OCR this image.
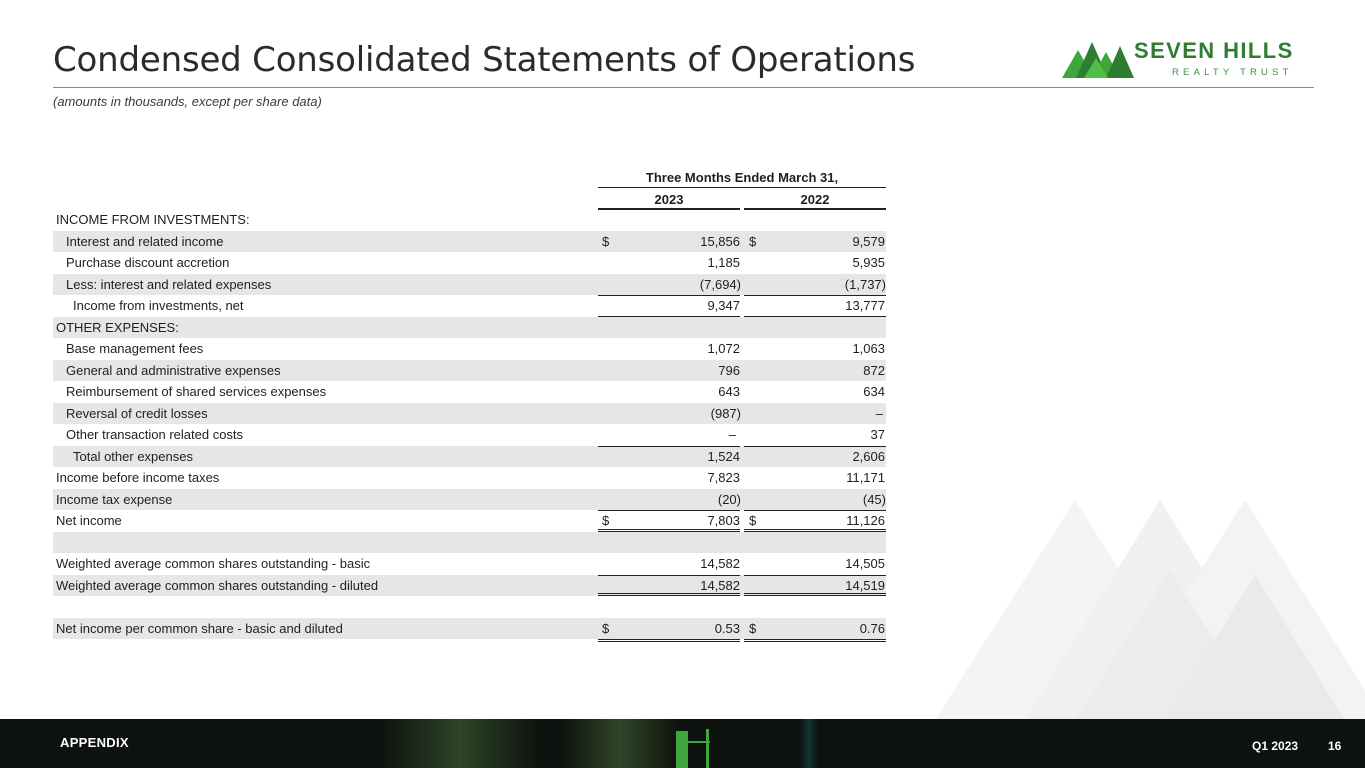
Condensed Consolidated Statements of Operations
(amounts in thousands, except per share data)
SEVEN HILLS
REALTY TRUST
Three Months Ended March 31,
2023	2022
INCOME FROM INVESTMENTS:
Interest and related income	$	15,856 $	9,579
Purchase discount accretion	1,185	5,935
Less: interest and related expenses	(7,694)	(1,737)
Income from investments, net	9,347	13,777
OTHER EXPENSES:
Base management fees	1,072	1,063
General and administrative expenses	796	872
Reimbursement of shared services expenses	643	634
Reversal of credit losses	(987)	–
Other transaction related costs	–	37
Total other expenses	1,524	2,606
Income before income taxes	7,823	11,171
Income tax expense	(20)	(45)
Net income	$	7,803 $	11,126
Weighted average common shares outstanding - basic	14,582	14,505
Weighted average common shares outstanding - diluted	14,582	14,519
Net income per common share - basic and diluted	$	0.53 $	0.76
APPENDIX	Q1 2023 16
